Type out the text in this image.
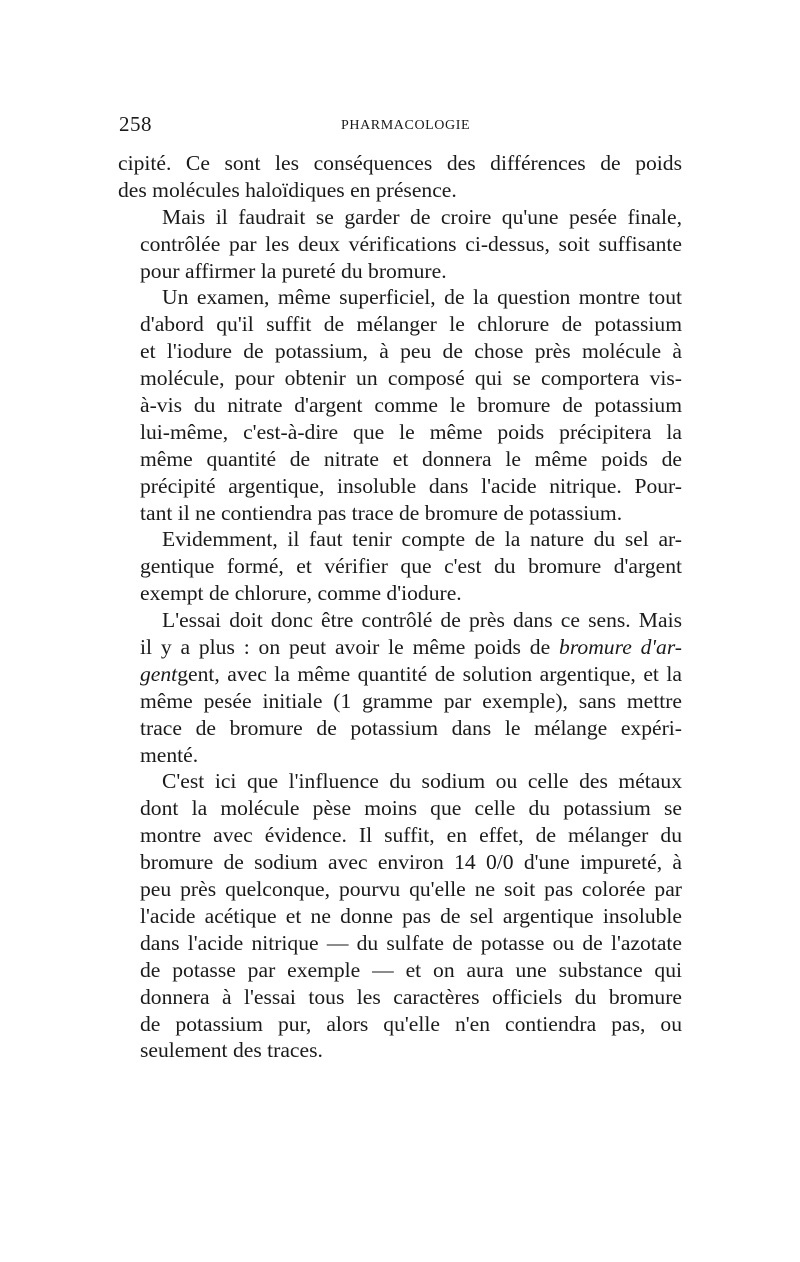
258	PHARMACOLOGIE
cipité. Ce sont les conséquences des différences de poids
des molécules haloïdiques en présence.
Mais il faudrait se garder de croire qu'une pesée finale,
contrôlée par les deux vérifications ci-dessus, soit suffisante
pour affirmer la pureté du bromure.
Un examen, même superficiel, de la question montre tout
d'abord qu'il suffit de mélanger le chlorure de potassium
et l'iodure de potassium, à peu de chose près molécule à
molécule, pour obtenir un composé qui se comportera vis-
à-vis du nitrate d'argent comme le bromure de potassium
lui-même, c'est-à-dire que le même poids précipitera la
même quantité de nitrate et donnera le même poids de
précipité argentique, insoluble dans l'acide nitrique. Pour-
tant il ne contiendra pas trace de bromure de potassium.
Evidemment, il faut tenir compte de la nature du sel ar-
gentique formé, et vérifier que c'est du bromure d'argent
exempt de chlorure, comme d'iodure.
L'essai doit donc être contrôlé de près dans ce sens. Mais
il y a plus : on peut avoir le même poids de bromure d'ar-
gentgent, avec la même quantité de solution argentique, et la
même pesée initiale (1 gramme par exemple), sans mettre
trace de bromure de potassium dans le mélange expéri-
menté.
C'est ici que l'influence du sodium ou celle des métaux
dont la molécule pèse moins que celle du potassium se
montre avec évidence. Il suffit, en effet, de mélanger du
bromure de sodium avec environ 14 0/0 d'une impureté, à
peu près quelconque, pourvu qu'elle ne soit pas colorée par
l'acide acétique et ne donne pas de sel argentique insoluble
dans l'acide nitrique — du sulfate de potasse ou de l'azotate
de potasse par exemple — et on aura une substance qui
donnera à l'essai tous les caractères officiels du bromure
de potassium pur, alors qu'elle n'en contiendra pas, ou
seulement des traces.
